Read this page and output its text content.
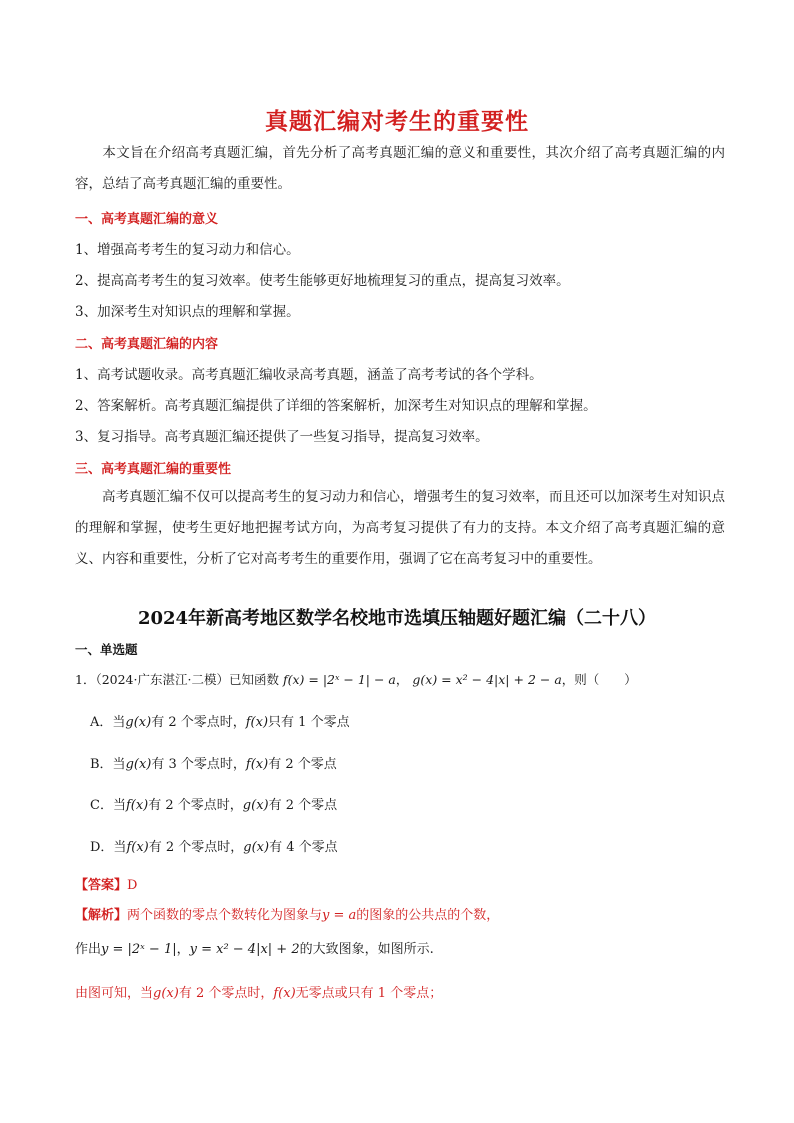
真题汇编对考生的重要性
本文旨在介绍高考真题汇编，首先分析了高考真题汇编的意义和重要性，其次介绍了高考真题汇编的内容，总结了高考真题汇编的重要性。
一、高考真题汇编的意义
1、增强高考考生的复习动力和信心。
2、提高高考考生的复习效率。使考生能够更好地梳理复习的重点，提高复习效率。
3、加深考生对知识点的理解和掌握。
二、高考真题汇编的内容
1、高考试题收录。高考真题汇编收录高考真题，涵盖了高考考试的各个学科。
2、答案解析。高考真题汇编提供了详细的答案解析，加深考生对知识点的理解和掌握。
3、复习指导。高考真题汇编还提供了一些复习指导，提高复习效率。
三、高考真题汇编的重要性
高考真题汇编不仅可以提高考生的复习动力和信心，增强考生的复习效率，而且还可以加深考生对知识点的理解和掌握，使考生更好地把握考试方向，为高考复习提供了有力的支持。本文介绍了高考真题汇编的意义、内容和重要性，分析了它对高考考生的重要作用，强调了它在高考复习中的重要性。
2024年新高考地区数学名校地市选填压轴题好题汇编（二十八）
一、单选题
1．（2024·广东湛江·二模）已知函数 f(x) = |2ˣ − 1| − a， g(x) = x² − 4|x| + 2 − a，则（　　）
A．当g(x)有 2 个零点时，f(x)只有 1 个零点
B．当g(x)有 3 个零点时，f(x)有 2 个零点
C．当f(x)有 2 个零点时，g(x)有 2 个零点
D．当f(x)有 2 个零点时，g(x)有 4 个零点
【答案】D
【解析】两个函数的零点个数转化为图象与y = a的图象的公共点的个数，
作出y = |2ˣ − 1|，y = x² − 4|x| + 2的大致图象，如图所示.
由图可知，当g(x)有 2 个零点时，f(x)无零点或只有 1 个零点；
